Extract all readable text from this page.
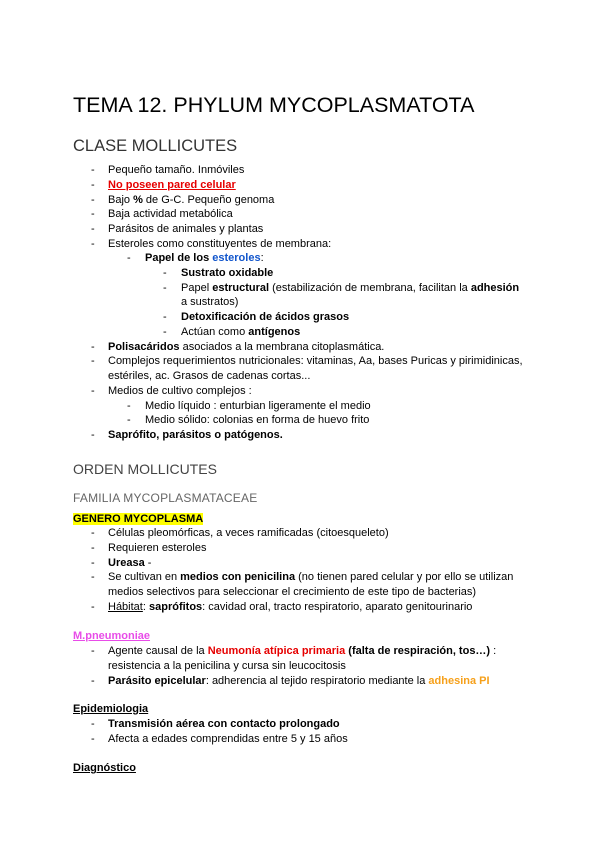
TEMA 12. PHYLUM MYCOPLASMATOTA
CLASE MOLLICUTES
- Pequeño tamaño. Inmóviles
- No poseen pared celular
- Bajo % de G-C. Pequeño genoma
- Baja actividad metabólica
- Parásitos de animales y plantas
- Esteroles como constituyentes de membrana:
- Papel de los esteroles:
- Sustrato oxidable
- Papel estructural (estabilización de membrana, facilitan la adhesión
a sustratos)
- Detoxificación de ácidos grasos
- Actúan como antígenos
- Polisacáridos asociados a la membrana citoplasmática.
- Complejos requerimientos nutricionales: vitaminas, Aa, bases Puricas y pirimidinicas,
estériles, ac. Grasos de cadenas cortas...
- Medios de cultivo complejos :
- Medio líquido : enturbian ligeramente el medio
- Medio sólido: colonias en forma de huevo frito
- Saprófito, parásitos o patógenos.
ORDEN MOLLICUTES
FAMILIA MYCOPLASMATACEAE
GENERO MYCOPLASMA
- Células pleomórficas, a veces ramificadas (citoesqueleto)
- Requieren esteroles
- Ureasa -
- Se cultivan en medios con penicilina (no tienen pared celular y por ello se utilizan
medios selectivos para seleccionar el crecimiento de este tipo de bacterias)
- Hábitat: saprófitos: cavidad oral, tracto respiratorio, aparato genitourinario
M.pneumoniae
- Agente causal de la Neumonía atípica primaria (falta de respiración, tos…) :
resistencia a la penicilina y cursa sin leucocitosis
- Parásito epicelular: adherencia al tejido respiratorio mediante la adhesina PI
Epidemiologia
- Transmisión aérea con contacto prolongado
- Afecta a edades comprendidas entre 5 y 15 años
Diagnóstico
